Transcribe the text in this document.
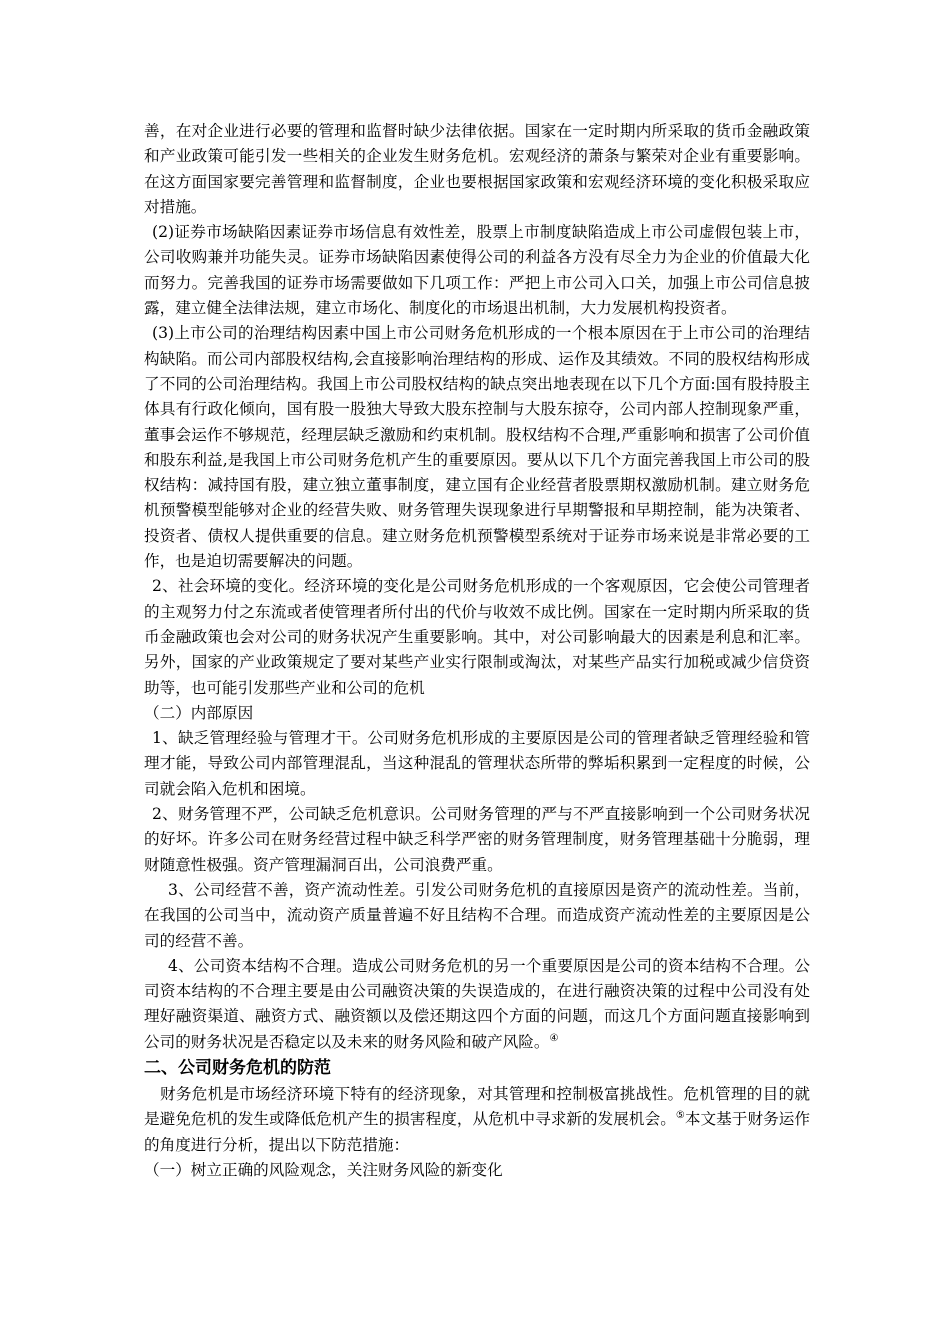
善，在对企业进行必要的管理和监督时缺少法律依据。国家在一定时期内所采取的货币金融政策和产业政策可能引发一些相关的企业发生财务危机。宏观经济的萧条与繁荣对企业有重要影响。在这方面国家要完善管理和监督制度，企业也要根据国家政策和宏观经济环境的变化积极采取应对措施。

(2)证券市场缺陷因素证券市场信息有效性差，股票上市制度缺陷造成上市公司虚假包装上市，公司收购兼并功能失灵。证券市场缺陷因素使得公司的利益各方没有尽全力为企业的价值最大化而努力。完善我国的证券市场需要做如下几项工作：严把上市公司入口关，加强上市公司信息披露，建立健全法律法规，建立市场化、制度化的市场退出机制，大力发展机构投资者。

(3)上市公司的治理结构因素中国上市公司财务危机形成的一个根本原因在于上市公司的治理结构缺陷。而公司内部股权结构,会直接影响治理结构的形成、运作及其绩效。不同的股权结构形成了不同的公司治理结构。我国上市公司股权结构的缺点突出地表现在以下几个方面:国有股持股主体具有行政化倾向，国有股一股独大导致大股东控制与大股东掠夺，公司内部人控制现象严重，董事会运作不够规范，经理层缺乏激励和约束机制。股权结构不合理,严重影响和损害了公司价值和股东利益,是我国上市公司财务危机产生的重要原因。要从以下几个方面完善我国上市公司的股权结构：减持国有股，建立独立董事制度，建立国有企业经营者股票期权激励机制。建立财务危机预警模型能够对企业的经营失败、财务管理失误现象进行早期警报和早期控制，能为决策者、投资者、债权人提供重要的信息。建立财务危机预警模型系统对于证券市场来说是非常必要的工作，也是迫切需要解决的问题。

2、社会环境的变化。经济环境的变化是公司财务危机形成的一个客观原因，它会使公司管理者的主观努力付之东流或者使管理者所付出的代价与收效不成比例。国家在一定时期内所采取的货币金融政策也会对公司的财务状况产生重要影响。其中，对公司影响最大的因素是利息和汇率。另外，国家的产业政策规定了要对某些产业实行限制或淘汰，对某些产品实行加税或减少信贷资助等，也可能引发那些产业和公司的危机

（二）内部原因

1、缺乏管理经验与管理才干。公司财务危机形成的主要原因是公司的管理者缺乏管理经验和管理才能，导致公司内部管理混乱，当这种混乱的管理状态所带的弊垢积累到一定程度的时候，公司就会陷入危机和困境。

2、财务管理不严，公司缺乏危机意识。公司财务管理的严与不严直接影响到一个公司财务状况的好坏。许多公司在财务经营过程中缺乏科学严密的财务管理制度，财务管理基础十分脆弱，理财随意性极强。资产管理漏洞百出，公司浪费严重。

3、公司经营不善，资产流动性差。引发公司财务危机的直接原因是资产的流动性差。当前，在我国的公司当中，流动资产质量普遍不好且结构不合理。而造成资产流动性差的主要原因是公司的经营不善。

4、公司资本结构不合理。造成公司财务危机的另一个重要原因是公司的资本结构不合理。公司资本结构的不合理主要是由公司融资决策的失误造成的，在进行融资决策的过程中公司没有处理好融资渠道、融资方式、融资额以及偿还期这四个方面的问题，而这几个方面问题直接影响到公司的财务状况是否稳定以及未来的财务风险和破产风险。④

二、公司财务危机的防范

财务危机是市场经济环境下特有的经济现象，对其管理和控制极富挑战性。危机管理的目的就是避免危机的发生或降低危机产生的损害程度，从危机中寻求新的发展机会。⑤本文基于财务运作的角度进行分析，提出以下防范措施：

（一）树立正确的风险观念，关注财务风险的新变化
